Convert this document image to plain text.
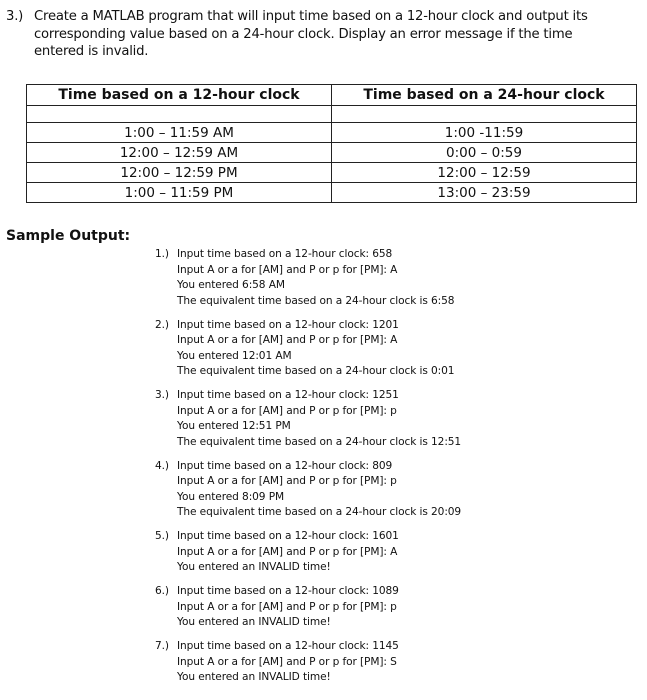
3.) Create a MATLAB program that will input time based on a 12-hour clock and output its
corresponding value based on a 24-hour clock. Display an error message if the time
entered is invalid.
Time based on a 12-hour clock	Time based on a 24-hour clock

1:00 – 11:59 AM	1:00 -11:59
12:00 – 12:59 AM	0:00 – 0:59
12:00 – 12:59 PM	12:00 – 12:59
1:00 – 11:59 PM	13:00 – 23:59
Sample Output:
1.) Input time based on a 12-hour clock: 658
Input A or a for [AM] and P or p for [PM]: A
You entered 6:58 AM
The equivalent time based on a 24-hour clock is 6:58
2.) Input time based on a 12-hour clock: 1201
Input A or a for [AM] and P or p for [PM]: A
You entered 12:01 AM
The equivalent time based on a 24-hour clock is 0:01
3.) Input time based on a 12-hour clock: 1251
Input A or a for [AM] and P or p for [PM]: p
You entered 12:51 PM
The equivalent time based on a 24-hour clock is 12:51
4.) Input time based on a 12-hour clock: 809
Input A or a for [AM] and P or p for [PM]: p
You entered 8:09 PM
The equivalent time based on a 24-hour clock is 20:09
5.) Input time based on a 12-hour clock: 1601
Input A or a for [AM] and P or p for [PM]: A
You entered an INVALID time!
6.) Input time based on a 12-hour clock: 1089
Input A or a for [AM] and P or p for [PM]: p
You entered an INVALID time!
7.) Input time based on a 12-hour clock: 1145
Input A or a for [AM] and P or p for [PM]: S
You entered an INVALID time!
